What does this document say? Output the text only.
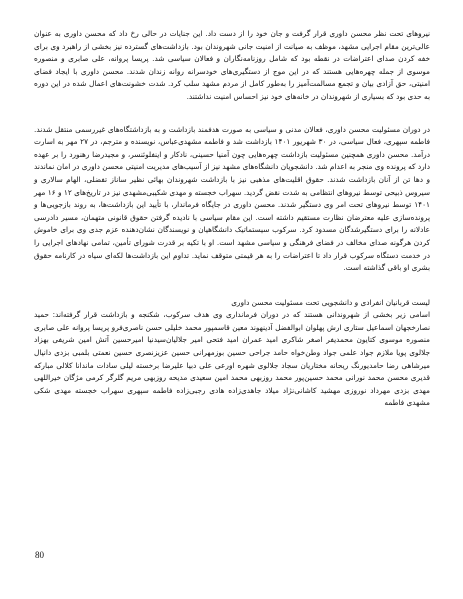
نیروهای تحت نظر محسن داوری قرار گرفت و جان خود را از دست داد. این جنایات در حالی رخ داد که محسن داوری به عنوان عالی‌ترین مقام اجرایی مشهد، موظف به صیانت از امنیت جانی شهروندان بود. بازداشت‌های گسترده نیز بخشی از راهبرد وی برای خفه کردن صدای اعتراضات در نقطه بود که شامل روزنامه‌نگاران و فعالان سیاسی شد. پریسا پروانه، علی صابری و منصوره موسوی از جمله چهره‌هایی هستند که در این موج از دستگیری‌های خودسرانه روانه زندان شدند. محسن داوری با ایجاد فضای امنیتی، حق آزادی بیان و تجمع مسالمت‌آمیز را به‌طور کامل از مردم مشهد سلب کرد. شدت خشونت‌های اعمال شده در این دوره به حدی بود که بسیاری از شهروندان در خانه‌های خود نیز احساس امنیت نداشتند.

در دوران مسئولیت محسن داوری، فعالان مدنی و سیاسی به صورت هدفمند بازداشت و به بازداشتگاه‌های غیررسمی منتقل شدند. فاطمه سپهری، فعال سیاسی، در ۳۰ شهریور ۱۴۰۱ بازداشت شد و فاطمه مشهدی‌عباس، نویسنده و مترجم، در ۲۷ مهر به اسارت درآمد. محسن داوری همچنین مسئولیت بازداشت چهره‌هایی چون آمنیا حسینی، نادکار و اینفلوئنسر، و مجیدرضا رهنورد را بر عهده دارد که پرونده وی منجر به اعدام شد. دانشجویان دانشگاه‌های مشهد نیز از آسیب‌های مدیریت امنیتی محسن داوری در امان نماندند و دها تن از آنان بازداشت شدند. حقوق اقلیت‌های مذهبی نیز با بازداشت شهروندان بهائی نظیر ساناز تفضلی، الهام سالاری و سیروس ذبیحی توسط نیروهای انتظامی به شدت نقض گردید. سهراب خجسته و مهدی شکیبی‌مشهدی نیز در تاریخ‌های ۱۲ و ۱۶ مهر ۱۴۰۱ توسط نیروهای تحت امر وی دستگیر شدند. محسن داوری در جایگاه فرماندار، با تأیید این بازداشت‌ها، به روند بازجویی‌ها و پرونده‌سازی علیه معترضان نظارت مستقیم داشته است. این مقام سیاسی با نادیده گرفتن حقوق قانونی متهمان، مسیر دادرسی عادلانه را برای دستگیرشدگان مسدود کرد. سرکوب سیستماتیک دانشگاهیان و نویسندگان نشان‌دهنده عزم جدی وی برای خاموش کردن هرگونه صدای مخالف در فضای فرهنگی و سیاسی مشهد است. او با تکیه بر قدرت شورای تأمین، تمامی نهادهای اجرایی را در خدمت دستگاه سرکوب قرار داد تا اعتراضات را به هر قیمتی متوقف نماید. تداوم این بازداشت‌ها لکه‌ای سیاه در کارنامه حقوق بشری او باقی گذاشته است.

لیست قربانیان انفرادی و دانشجویی تحت مسئولیت محسن داوری
اسامی زیر بخشی از شهروندانی هستند که در دوران فرمانداری وی هدف سرکوب، شکنجه و بازداشت قرار گرفته‌اند: حمید نصارخجهان اسماعیل ستاری ارش پهلوان ابوالفضل آدینهوند معین قاسمپور محمد خلیلی حسن ناصری‌فرو پریسا پروانه علی صابری منصوره موسوی کتایون محمدیفر اصغر شاکری امید عمران امید فتحی امیر جلالیان‌سیدنیا امیرحسین آتش امین شریفی بهزاد جلالوی پویا ملازم جواد علمی جواد وطن‌خواه حامد جراحی حسین بوزمهرانی حسین عزیزنصری حسین نعمتی بلمبی بزدی دانیال میرشاهی رضا حامدیورنگ ریحانه مختاریان سجاد جلالوی شهره اورعی علی دبیا علیرضا برخسته لیلی سادات ماندانا کلالی مبارکه قدیری محسن محمد نورانی محمد حسین‌پور محمد روزبهی محمد امین سعیدی مدیحه روزبهی مریم گلرگر کرمی مژگان خیراللهی مهدی بزدی مهرداد نوروزی مهشید کاشانی‌نژاد میلاد جاهدی‌زاده هادی رجبی‌زاده فاطمه سپهری سهراب خجسته مهدی شکی مشهدی فاطمه

80
